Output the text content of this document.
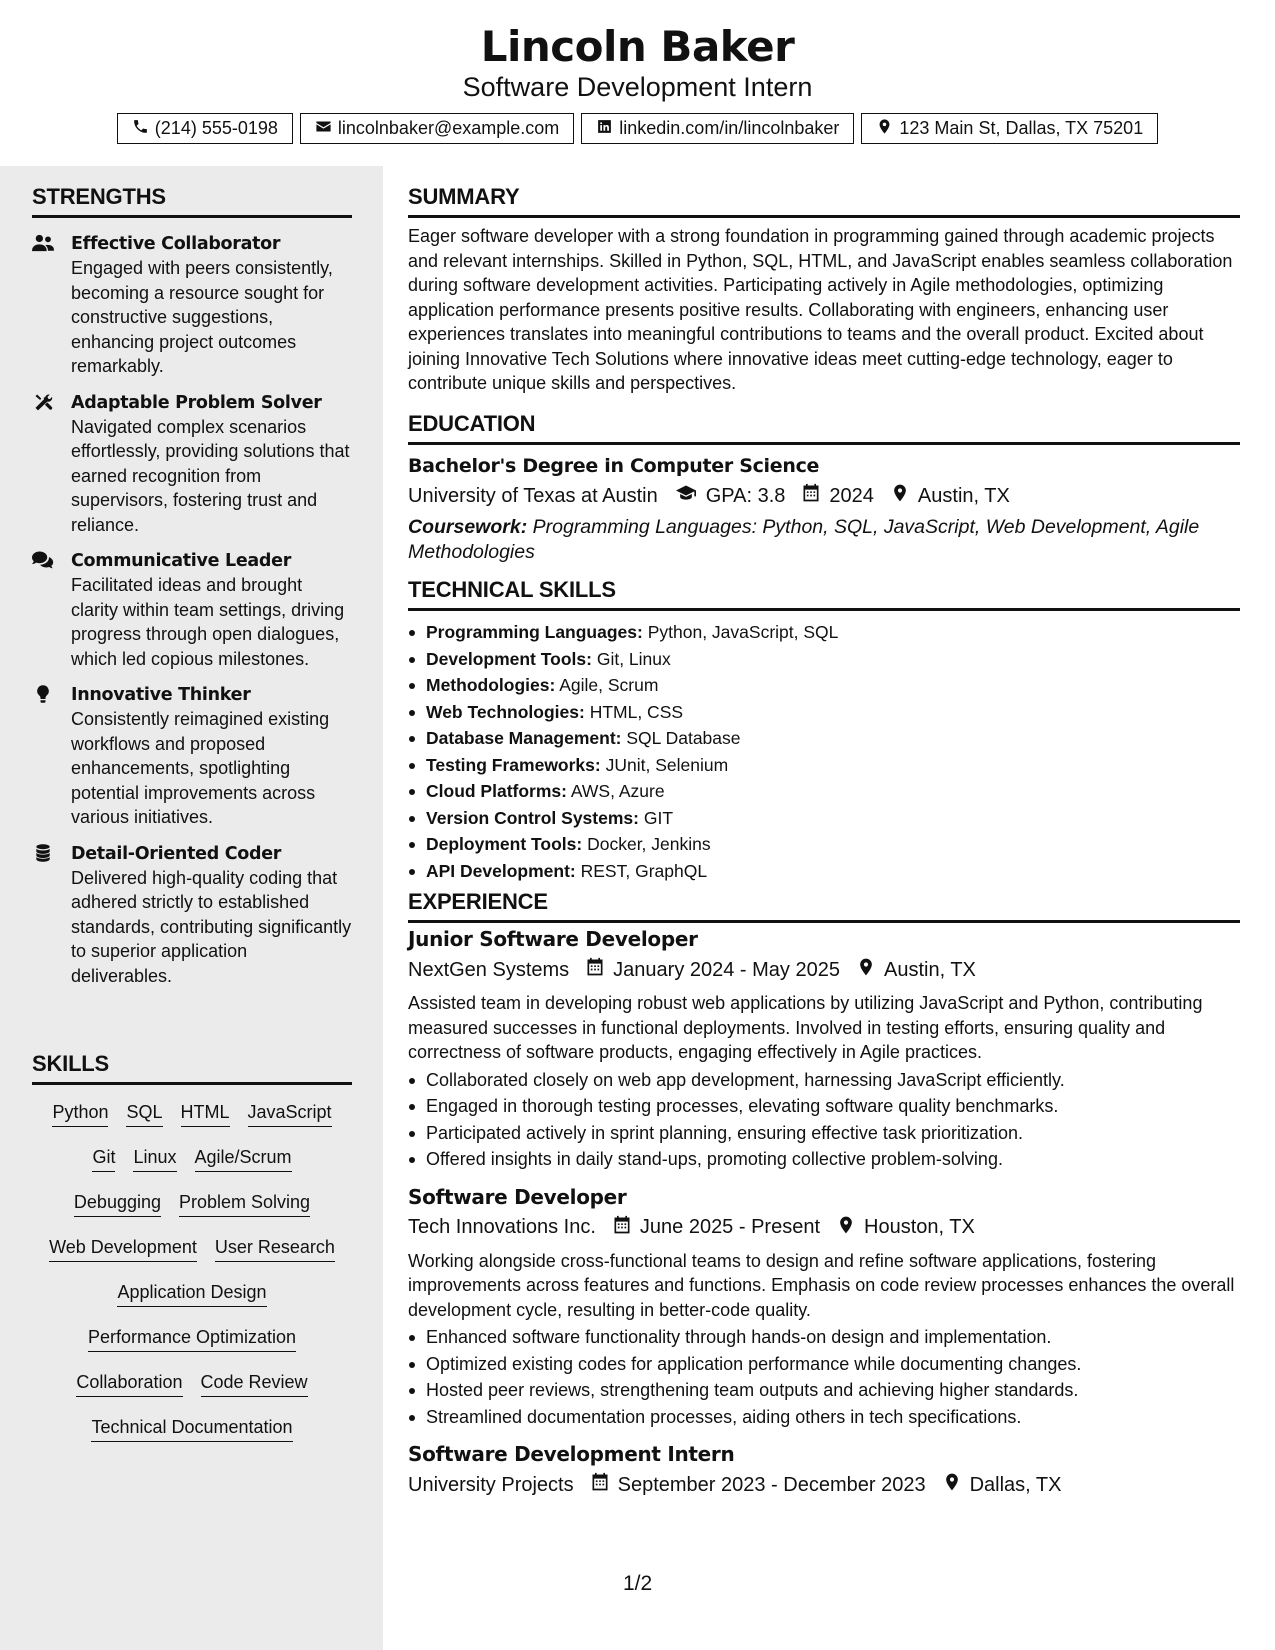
Lincoln Baker
Software Development Intern
(214) 555-0198	lincolnbaker@example.com	linkedin.com/in/lincolnbaker	123 Main St, Dallas, TX 75201
STRENGTHS
Effective Collaborator
Engaged with peers consistently, becoming a resource sought for constructive suggestions, enhancing project outcomes remarkably.
Adaptable Problem Solver
Navigated complex scenarios effortlessly, providing solutions that earned recognition from supervisors, fostering trust and reliance.
Communicative Leader
Facilitated ideas and brought clarity within team settings, driving progress through open dialogues, which led copious milestones.
Innovative Thinker
Consistently reimagined existing workflows and proposed enhancements, spotlighting potential improvements across various initiatives.
Detail-Oriented Coder
Delivered high-quality coding that adhered strictly to established standards, contributing significantly to superior application deliverables.
SKILLS
Python SQL HTML JavaScript
Git Linux Agile/Scrum
Debugging Problem Solving
Web Development User Research
Application Design
Performance Optimization
Collaboration Code Review
Technical Documentation
SUMMARY
Eager software developer with a strong foundation in programming gained through academic projects and relevant internships. Skilled in Python, SQL, HTML, and JavaScript enables seamless collaboration during software development activities. Participating actively in Agile methodologies, optimizing application performance presents positive results. Collaborating with engineers, enhancing user experiences translates into meaningful contributions to teams and the overall product. Excited about joining Innovative Tech Solutions where innovative ideas meet cutting-edge technology, eager to contribute unique skills and perspectives.
EDUCATION
Bachelor's Degree in Computer Science
University of Texas at Austin GPA: 3.8 2024 Austin, TX
Coursework: Programming Languages: Python, SQL, JavaScript, Web Development, Agile Methodologies
TECHNICAL SKILLS
Programming Languages: Python, JavaScript, SQL
Development Tools: Git, Linux
Methodologies: Agile, Scrum
Web Technologies: HTML, CSS
Database Management: SQL Database
Testing Frameworks: JUnit, Selenium
Cloud Platforms: AWS, Azure
Version Control Systems: GIT
Deployment Tools: Docker, Jenkins
API Development: REST, GraphQL
EXPERIENCE
Junior Software Developer
NextGen Systems January 2024 - May 2025 Austin, TX
Assisted team in developing robust web applications by utilizing JavaScript and Python, contributing measured successes in functional deployments. Involved in testing efforts, ensuring quality and correctness of software products, engaging effectively in Agile practices.
Collaborated closely on web app development, harnessing JavaScript efficiently.
Engaged in thorough testing processes, elevating software quality benchmarks.
Participated actively in sprint planning, ensuring effective task prioritization.
Offered insights in daily stand-ups, promoting collective problem-solving.
Software Developer
Tech Innovations Inc. June 2025 - Present Houston, TX
Working alongside cross-functional teams to design and refine software applications, fostering improvements across features and functions. Emphasis on code review processes enhances the overall development cycle, resulting in better-code quality.
Enhanced software functionality through hands-on design and implementation.
Optimized existing codes for application performance while documenting changes.
Hosted peer reviews, strengthening team outputs and achieving higher standards.
Streamlined documentation processes, aiding others in tech specifications.
Software Development Intern
University Projects September 2023 - December 2023 Dallas, TX
1/2
